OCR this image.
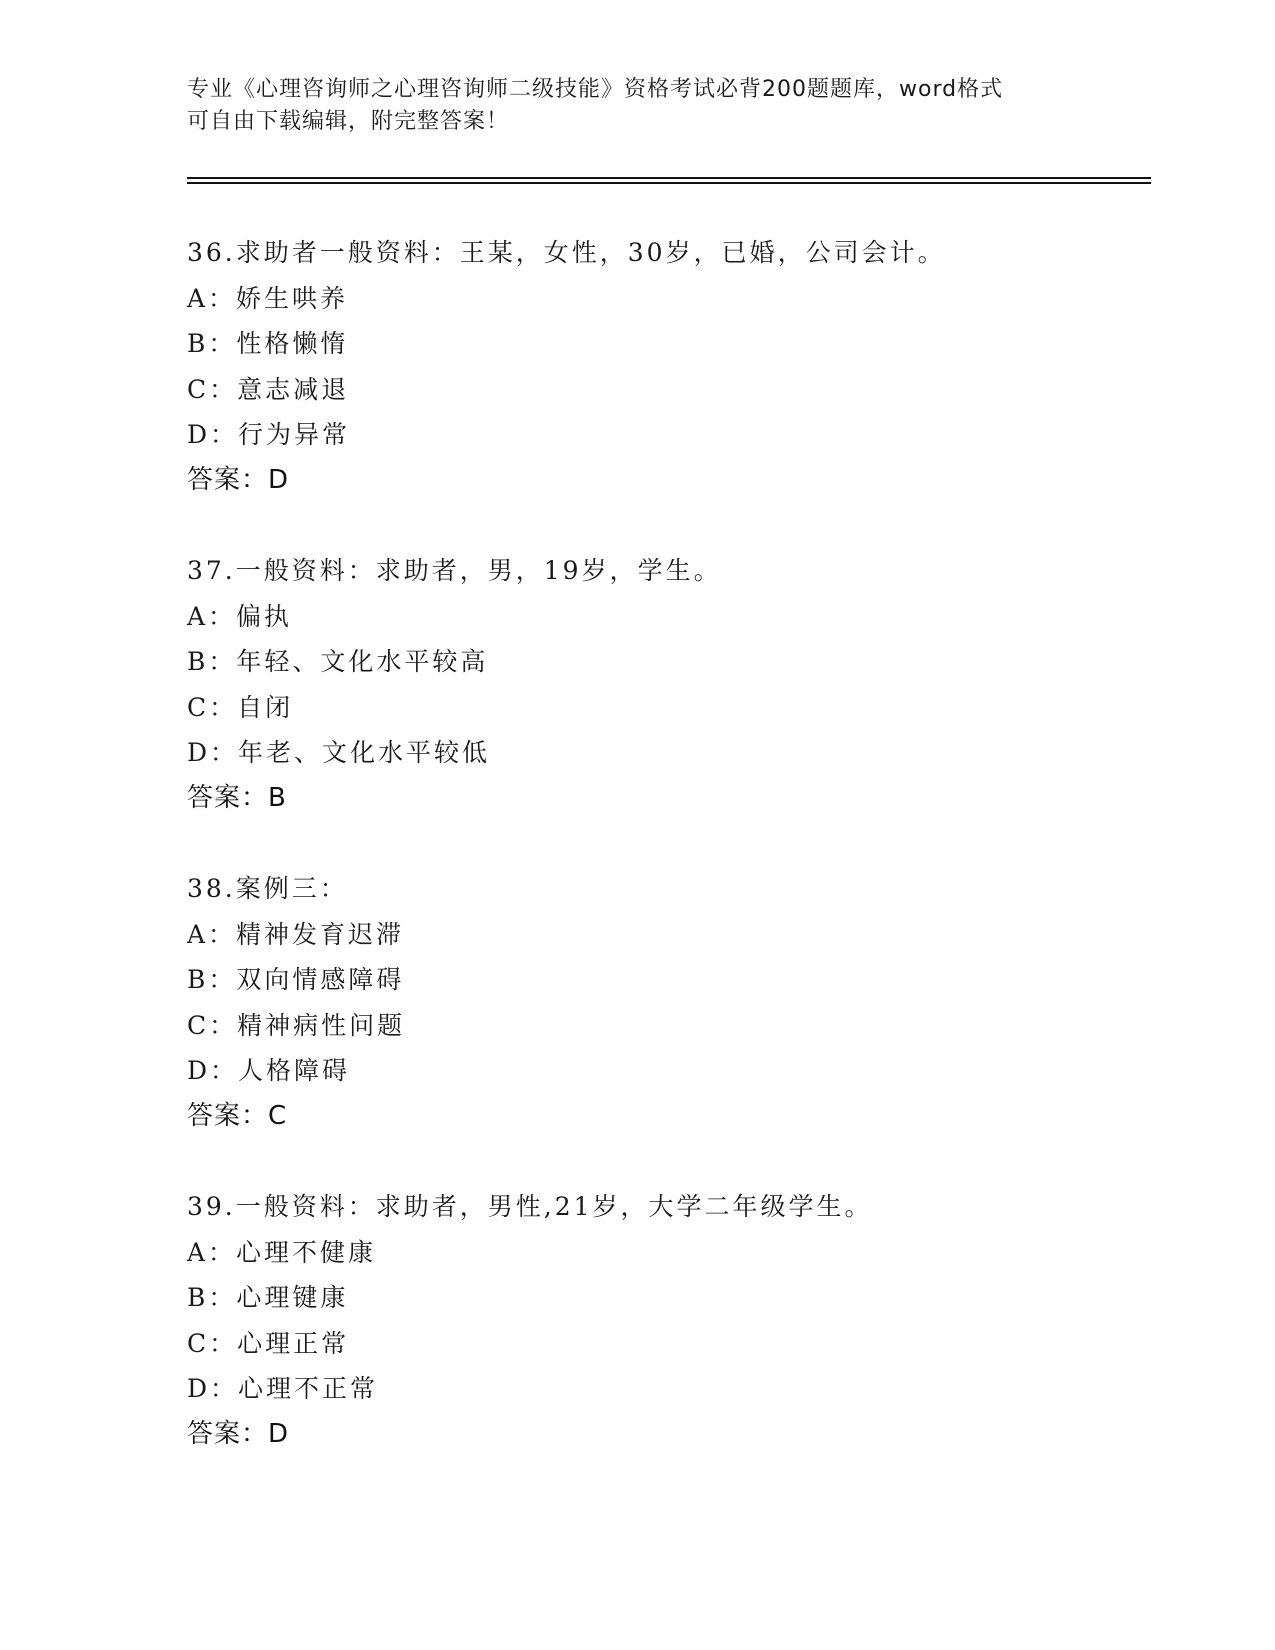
专业《心理咨询师之心理咨询师二级技能》资格考试必背200题题库，word格式
可自由下载编辑，附完整答案！
36.求助者一般资料：王某，女性，30岁，已婚，公司会计。
A：娇生哄养
B：性格懒惰
C：意志减退
D：行为异常
答案：D
37.一般资料：求助者，男，19岁，学生。
A：偏执
B：年轻、文化水平较高
C：自闭
D：年老、文化水平较低
答案：B
38.案例三：
A：精神发育迟滞
B：双向情感障碍
C：精神病性问题
D：人格障碍
答案：C
39.一般资料：求助者，男性,21岁，大学二年级学生。
A：心理不健康
B：心理键康
C：心理正常
D：心理不正常
答案：D
